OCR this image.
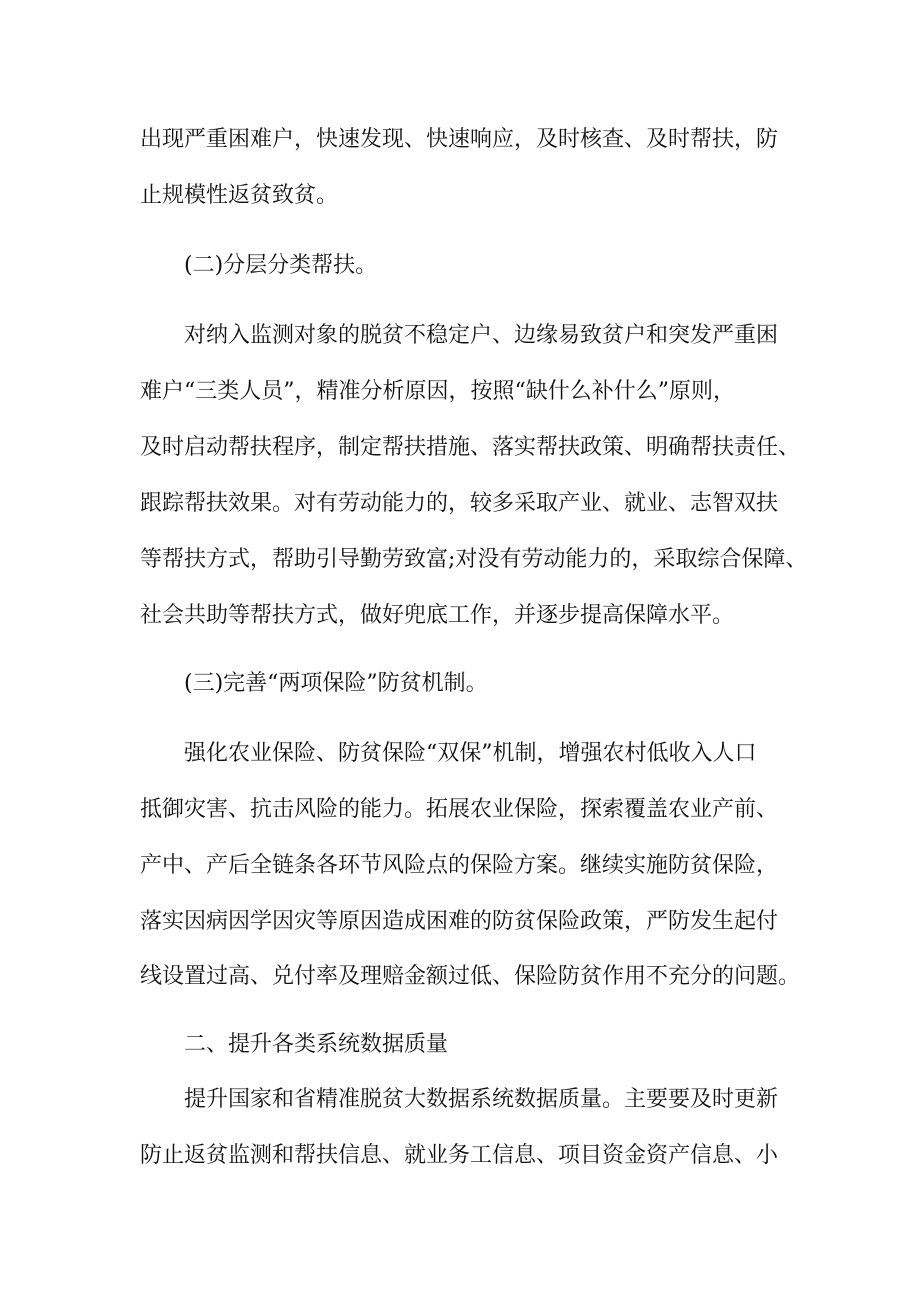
出现严重困难户，快速发现、快速响应，及时核查、及时帮扶，防

止规模性返贫致贫。

(二)分层分类帮扶。

对纳入监测对象的脱贫不稳定户、边缘易致贫户和突发严重困

难户“三类人员”，精准分析原因，按照“缺什么补什么”原则，

及时启动帮扶程序，制定帮扶措施、落实帮扶政策、明确帮扶责任、

跟踪帮扶效果。对有劳动能力的，较多采取产业、就业、志智双扶

等帮扶方式，帮助引导勤劳致富;对没有劳动能力的，采取综合保障、

社会共助等帮扶方式，做好兜底工作，并逐步提高保障水平。

(三)完善“两项保险”防贫机制。

强化农业保险、防贫保险“双保”机制，增强农村低收入人口

抵御灾害、抗击风险的能力。拓展农业保险，探索覆盖农业产前、

产中、产后全链条各环节风险点的保险方案。继续实施防贫保险，

落实因病因学因灾等原因造成困难的防贫保险政策，严防发生起付

线设置过高、兑付率及理赔金额过低、保险防贫作用不充分的问题。

二、提升各类系统数据质量

提升国家和省精准脱贫大数据系统数据质量。主要要及时更新

防止返贫监测和帮扶信息、就业务工信息、项目资金资产信息、小
